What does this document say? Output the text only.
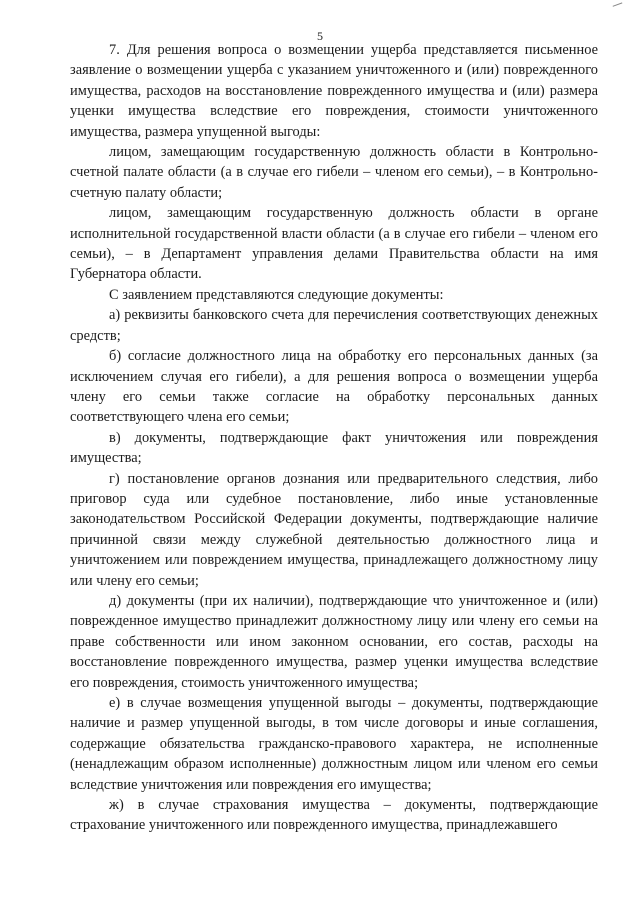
5

7. Для решения вопроса о возмещении ущерба представляется письменное заявление о возмещении ущерба с указанием уничтоженного и (или) поврежденного имущества, расходов на восстановление поврежденного имущества и (или) размера уценки имущества вследствие его повреждения, стоимости уничтоженного имущества, размера упущенной выгоды:

лицом, замещающим государственную должность области в Контрольно-счетной палате области (а в случае его гибели – членом его семьи), – в Контрольно-счетную палату области;

лицом, замещающим государственную должность области в органе исполнительной государственной власти области (а в случае его гибели – членом его семьи), – в Департамент управления делами Правительства области на имя Губернатора области.

С заявлением представляются следующие документы:

а) реквизиты банковского счета для перечисления соответствующих денежных средств;

б) согласие должностного лица на обработку его персональных данных (за исключением случая его гибели), а для решения вопроса о возмещении ущерба члену его семьи также согласие на обработку персональных данных соответствующего члена его семьи;

в) документы, подтверждающие факт уничтожения или повреждения имущества;

г) постановление органов дознания или предварительного следствия, либо приговор суда или судебное постановление, либо иные установленные законодательством Российской Федерации документы, подтверждающие наличие причинной связи между служебной деятельностью должностного лица и уничтожением или повреждением имущества, принадлежащего должностному лицу или члену его семьи;

д) документы (при их наличии), подтверждающие что уничтоженное и (или) поврежденное имущество принадлежит должностному лицу или члену его семьи на праве собственности или ином законном основании, его состав, расходы на восстановление поврежденного имущества, размер уценки имущества вследствие его повреждения, стоимость уничтоженного имущества;

е) в случае возмещения упущенной выгоды – документы, подтверждающие наличие и размер упущенной выгоды, в том числе договоры и иные соглашения, содержащие обязательства гражданско-правового характера, не исполненные (ненадлежащим образом исполненные) должностным лицом или членом его семьи вследствие уничтожения или повреждения его имущества;

ж) в случае страхования имущества – документы, подтверждающие страхование уничтоженного или поврежденного имущества, принадлежавшего
